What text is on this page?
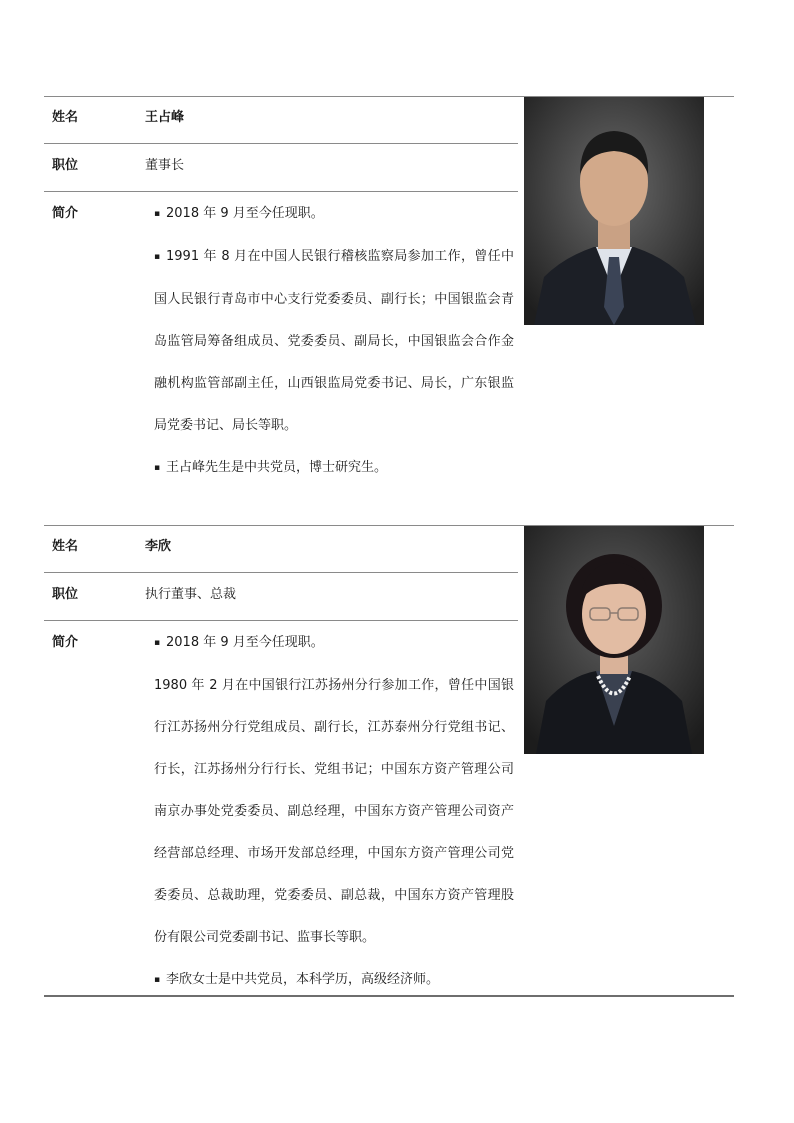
姓名	王占峰
职位	董事长
简介	▪ 2018 年 9 月至今任现职。

▪ 1991 年 8 月在中国人民银行稽核监察局参加工作，曾任中国人民银行青岛市中心支行党委委员、副行长；中国银监会青岛监管局筹备组成员、党委委员、副局长，中国银监会合作金融机构监管部副主任，山西银监局党委书记、局长，广东银监局党委书记、局长等职。

▪ 王占峰先生是中共党员，博士研究生。

姓名	李欣
职位	执行董事、总裁
简介	▪ 2018 年 9 月至今任现职。

1980 年 2 月在中国银行江苏扬州分行参加工作，曾任中国银行江苏扬州分行党组成员、副行长，江苏泰州分行党组书记、行长，江苏扬州分行行长、党组书记；中国东方资产管理公司南京办事处党委委员、副总经理，中国东方资产管理公司资产经营部总经理、市场开发部总经理，中国东方资产管理公司党委委员、总裁助理，党委委员、副总裁，中国东方资产管理股份有限公司党委副书记、监事长等职。

▪ 李欣女士是中共党员，本科学历，高级经济师。
